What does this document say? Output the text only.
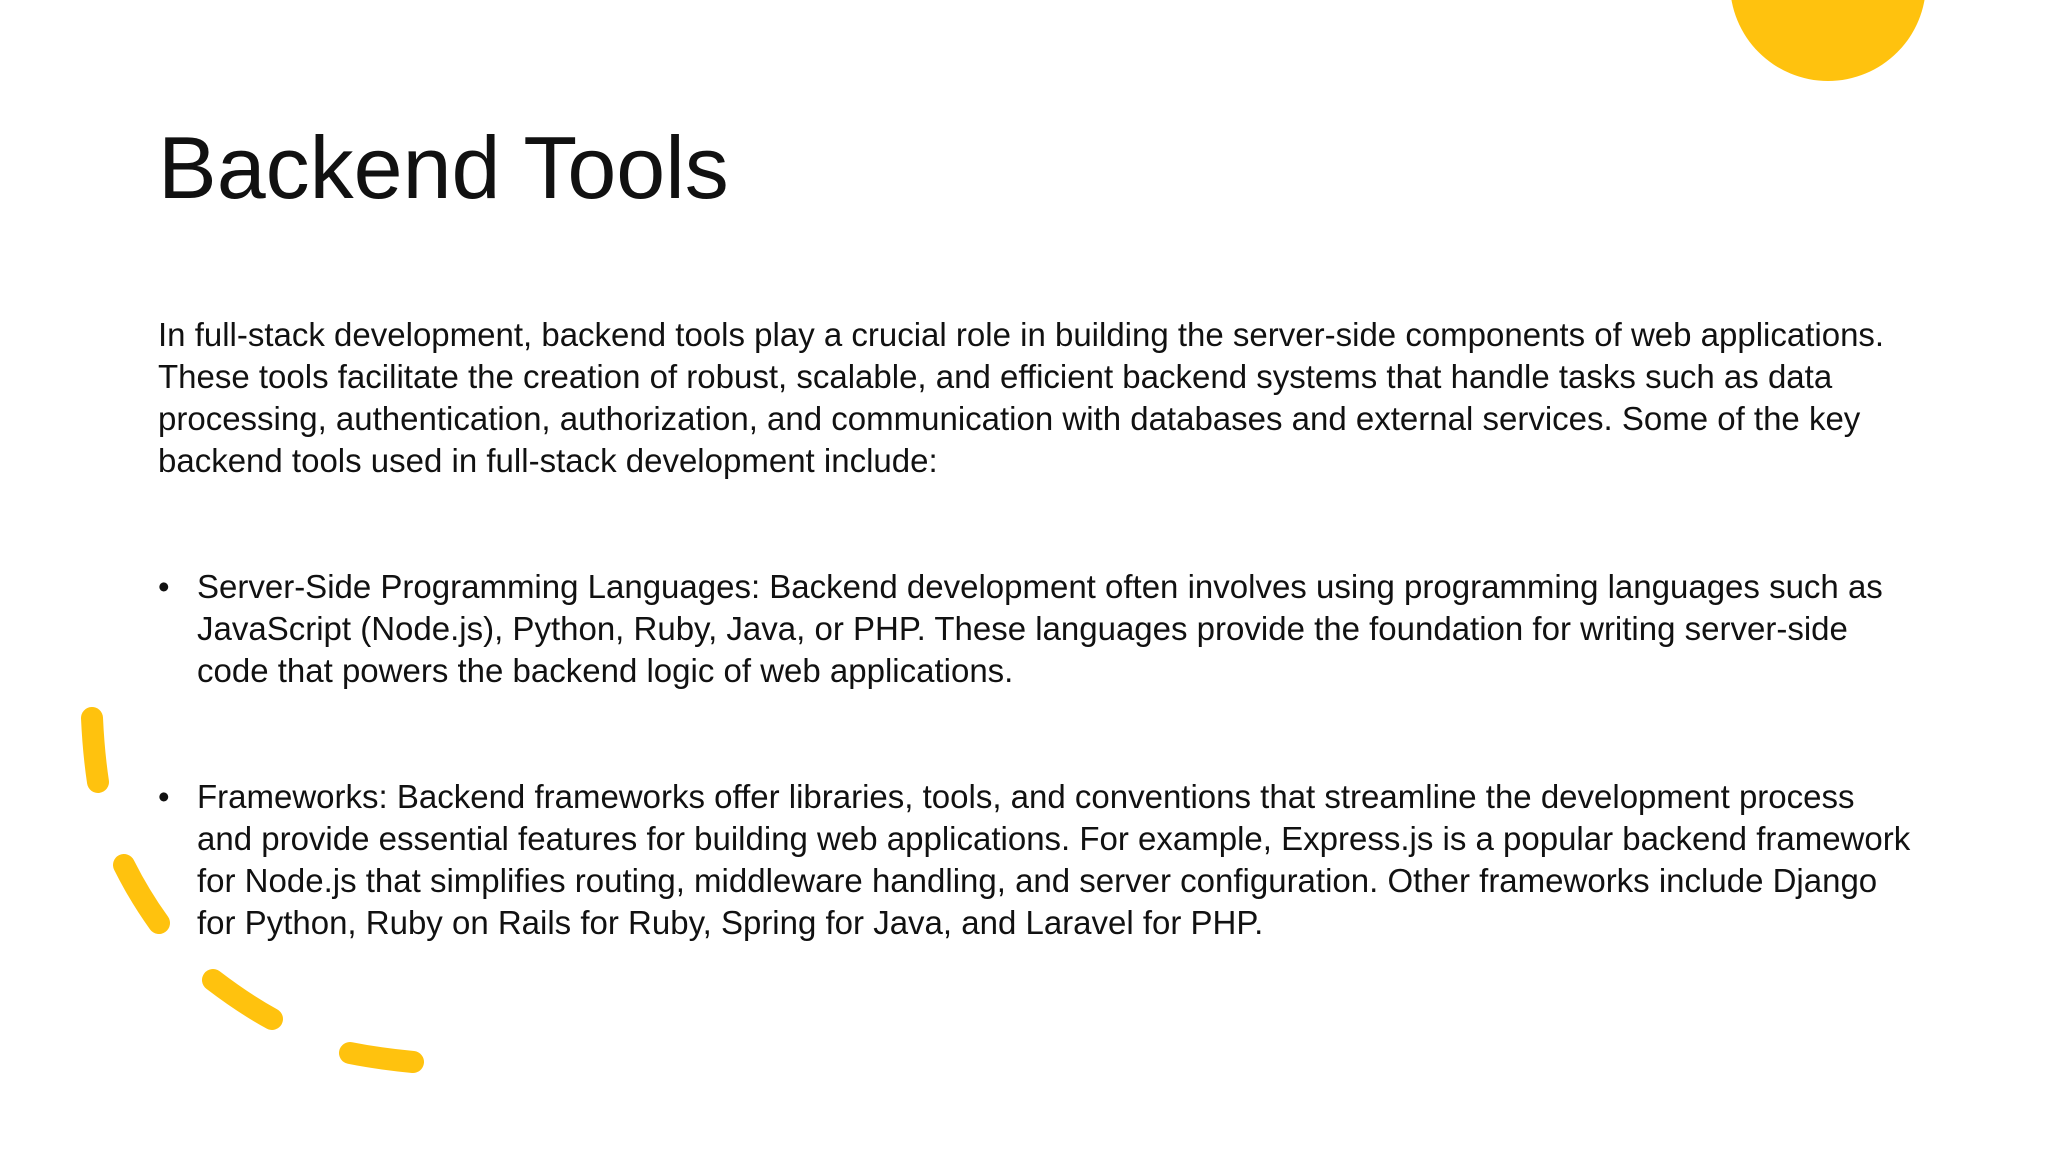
Backend Tools

In full-stack development, backend tools play a crucial role in building the server-side components of web applications. These tools facilitate the creation of robust, scalable, and efficient backend systems that handle tasks such as data processing, authentication, authorization, and communication with databases and external services. Some of the key backend tools used in full-stack development include:

• Server-Side Programming Languages: Backend development often involves using programming languages such as JavaScript (Node.js), Python, Ruby, Java, or PHP. These languages provide the foundation for writing server-side code that powers the backend logic of web applications.
• Frameworks: Backend frameworks offer libraries, tools, and conventions that streamline the development process and provide essential features for building web applications. For example, Express.js is a popular backend framework for Node.js that simplifies routing, middleware handling, and server configuration. Other frameworks include Django for Python, Ruby on Rails for Ruby, Spring for Java, and Laravel for PHP.
